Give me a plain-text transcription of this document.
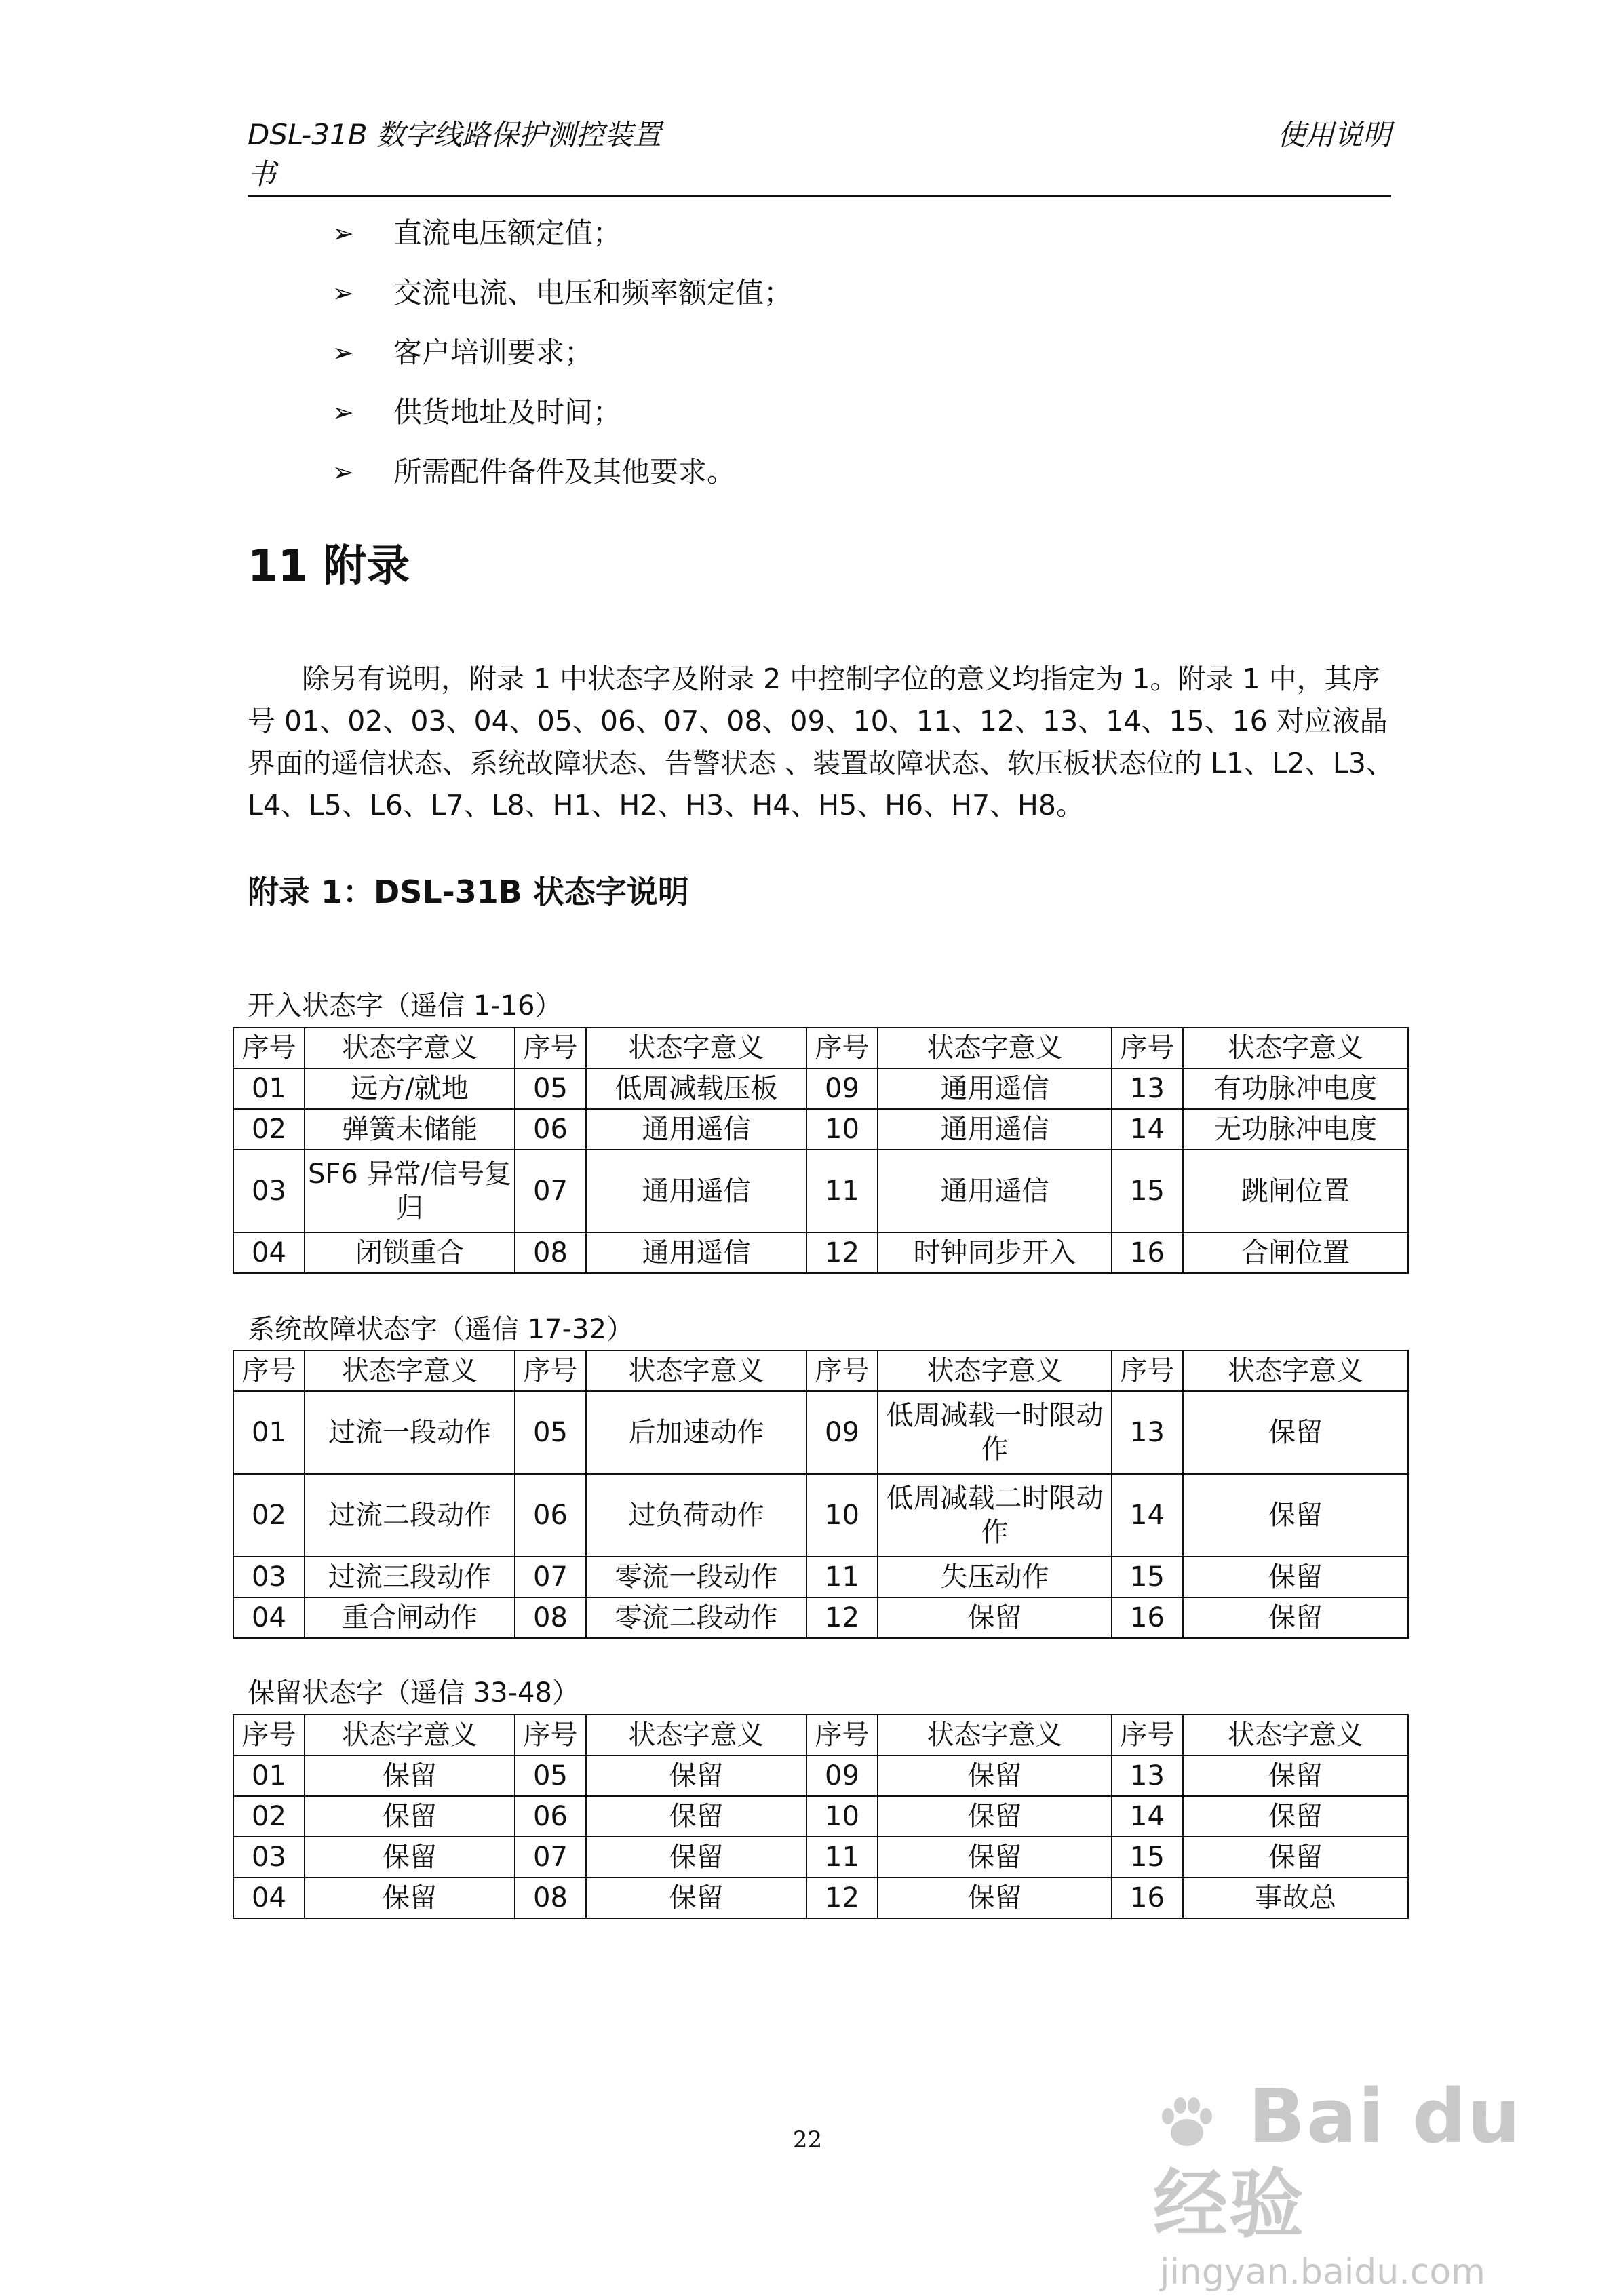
DSL-31B 数字线路保护测控装置
书
使用说明
➢	直流电压额定值；
➢	交流电流、电压和频率额定值；
➢	客户培训要求；
➢	供货地址及时间；
➢	所需配件备件及其他要求。
11 附录
除另有说明，附录 1 中状态字及附录 2 中控制字位的意义均指定为 1。附录 1 中，其序号 01、02、03、04、05、06、07、08、09、10、11、12、13、14、15、16 对应液晶界面的遥信状态、系统故障状态、告警状态 、装置故障状态、软压板状态位的 L1、L2、L3、L4、L5、L6、L7、L8、H1、H2、H3、H4、H5、H6、H7、H8。
附录 1：DSL-31B 状态字说明
开入状态字（遥信 1-16）
序号	状态字意义	序号	状态字意义	序号	状态字意义	序号	状态字意义
01	远方/就地	05	低周减载压板	09	通用遥信	13	有功脉冲电度
02	弹簧未储能	06	通用遥信	10	通用遥信	14	无功脉冲电度
03	SF6 异常/信号复归	07	通用遥信	11	通用遥信	15	跳闸位置
04	闭锁重合	08	通用遥信	12	时钟同步开入	16	合闸位置
系统故障状态字（遥信 17-32）
序号	状态字意义	序号	状态字意义	序号	状态字意义	序号	状态字意义
01	过流一段动作	05	后加速动作	09	低周减载一时限动作	13	保留
02	过流二段动作	06	过负荷动作	10	低周减载二时限动作	14	保留
03	过流三段动作	07	零流一段动作	11	失压动作	15	保留
04	重合闸动作	08	零流二段动作	12	保留	16	保留
保留状态字（遥信 33-48）
序号	状态字意义	序号	状态字意义	序号	状态字意义	序号	状态字意义
01	保留	05	保留	09	保留	13	保留
02	保留	06	保留	10	保留	14	保留
03	保留	07	保留	11	保留	15	保留
04	保留	08	保留	12	保留	16	事故总
22	Bai du 经验
jingyan.baidu.com
